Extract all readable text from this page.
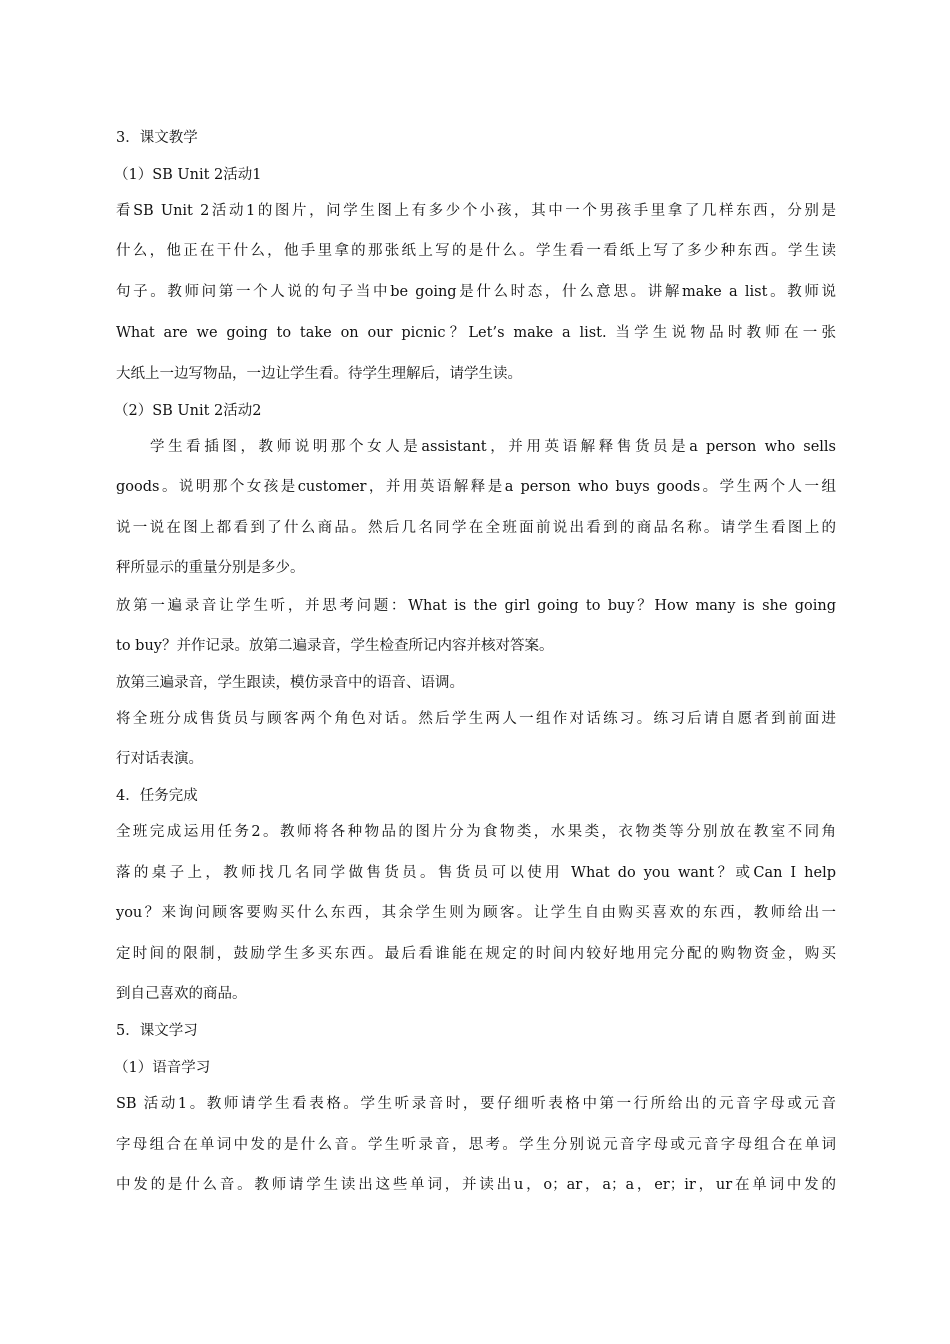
3．课文教学

（1）SB Unit 2活动1

看SB Unit 2活动1的图片，问学生图上有多少个小孩，其中一个男孩手里拿了几样东西，分别是

什么，他正在干什么，他手里拿的那张纸上写的是什么。学生看一看纸上写了多少种东西。学生读

句子。教师问第一个人说的句子当中be going是什么时态，什么意思。讲解make a list。教师说

What are we going to take on our picnic？Let’s make a list. 当学生说物品时教师在一张

大纸上一边写物品，一边让学生看。待学生理解后，请学生读。

（2）SB Unit 2活动2

学生看插图，教师说明那个女人是assistant，并用英语解释售货员是a person who sells

goods。说明那个女孩是customer，并用英语解释是a person who buys goods。学生两个人一组

说一说在图上都看到了什么商品。然后几名同学在全班面前说出看到的商品名称。请学生看图上的

秤所显示的重量分别是多少。

放第一遍录音让学生听，并思考问题：What is the girl going to buy？How many is she going

to buy？并作记录。放第二遍录音，学生检查所记内容并核对答案。

放第三遍录音，学生跟读，模仿录音中的语音、语调。

将全班分成售货员与顾客两个角色对话。然后学生两人一组作对话练习。练习后请自愿者到前面进

行对话表演。

4．任务完成

全班完成运用任务2。教师将各种物品的图片分为食物类，水果类，衣物类等分别放在教室不同角

落的桌子上，教师找几名同学做售货员。售货员可以使用 What do you want？或Can I help

you？来询问顾客要购买什么东西，其余学生则为顾客。让学生自由购买喜欢的东西，教师给出一

定时间的限制，鼓励学生多买东西。最后看谁能在规定的时间内较好地用完分配的购物资金，购买

到自己喜欢的商品。

5．课文学习

（1）语音学习

SB 活动1。教师请学生看表格。学生听录音时，要仔细听表格中第一行所给出的元音字母或元音

字母组合在单词中发的是什么音。学生听录音，思考。学生分别说元音字母或元音字母组合在单词

中发的是什么音。教师请学生读出这些单词，并读出u，o；ar，a；a，er；ir，ur在单词中发的
